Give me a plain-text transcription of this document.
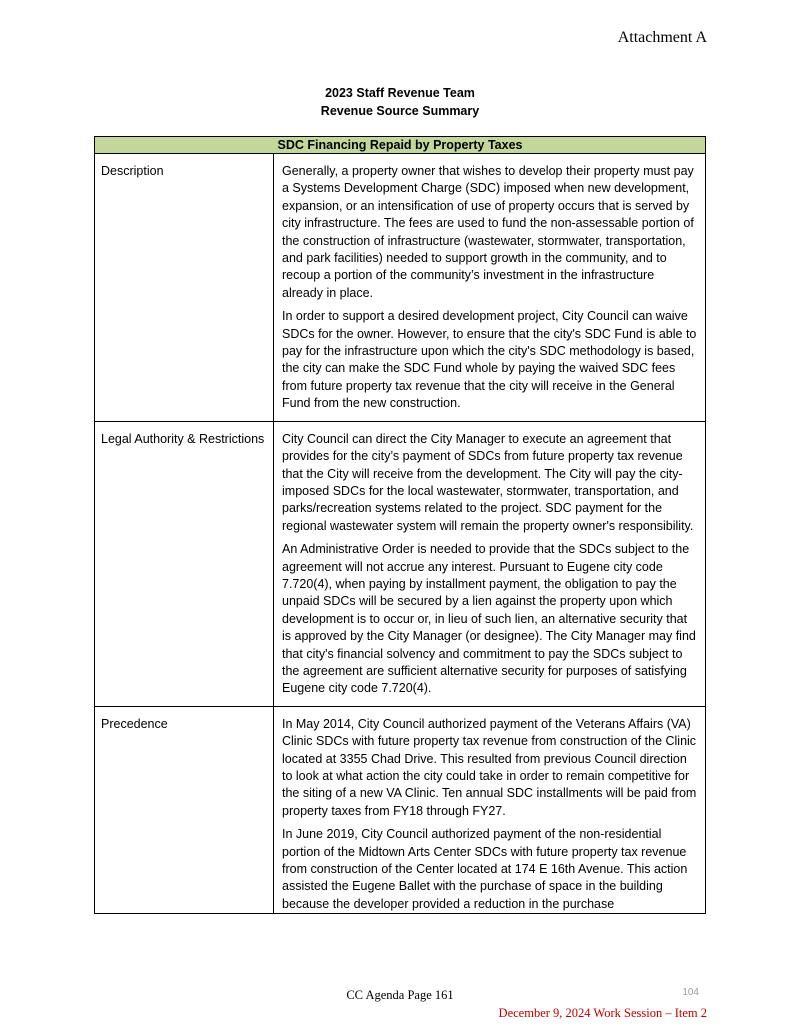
Attachment A
2023 Staff Revenue Team
Revenue Source Summary
SDC Financing Repaid by Property Taxes	
Description	Generally, a property owner that wishes to develop their property must pay a Systems Development Charge (SDC) imposed when new development, expansion, or an intensification of use of property occurs that is served by city infrastructure. The fees are used to fund the non-assessable portion of the construction of infrastructure (wastewater, stormwater, transportation, and park facilities) needed to support growth in the community, and to recoup a portion of the community’s investment in the infrastructure already in place.

In order to support a desired development project, City Council can waive SDCs for the owner. However, to ensure that the city's SDC Fund is able to pay for the infrastructure upon which the city's SDC methodology is based, the city can make the SDC Fund whole by paying the waived SDC fees from future property tax revenue that the city will receive in the General Fund from the new construction.

Legal Authority & Restrictions	City Council can direct the City Manager to execute an agreement that provides for the city’s payment of SDCs from future property tax revenue that the City will receive from the development. The City will pay the city-imposed SDCs for the local wastewater, stormwater, transportation, and parks/recreation systems related to the project. SDC payment for the regional wastewater system will remain the property owner's responsibility.

An Administrative Order is needed to provide that the SDCs subject to the agreement will not accrue any interest. Pursuant to Eugene city code 7.720(4), when paying by installment payment, the obligation to pay the unpaid SDCs will be secured by a lien against the property upon which development is to occur or, in lieu of such lien, an alternative security that is approved by the City Manager (or designee). The City Manager may find that city's financial solvency and commitment to pay the SDCs subject to the agreement are sufficient alternative security for purposes of satisfying Eugene city code 7.720(4).

Precedence	In May 2014, City Council authorized payment of the Veterans Affairs (VA) Clinic SDCs with future property tax revenue from construction of the Clinic located at 3355 Chad Drive. This resulted from previous Council direction to look at what action the city could take in order to remain competitive for the siting of a new VA Clinic. Ten annual SDC installments will be paid from property taxes from FY18 through FY27.

In June 2019, City Council authorized payment of the non-residential portion of the Midtown Arts Center SDCs with future property tax revenue from construction of the Center located at 174 E 16th Avenue. This action assisted the Eugene Ballet with the purchase of space in the building because the developer provided a reduction in the purchase

CC Agenda Page 161	104
December 9, 2024 Work Session – Item 2
